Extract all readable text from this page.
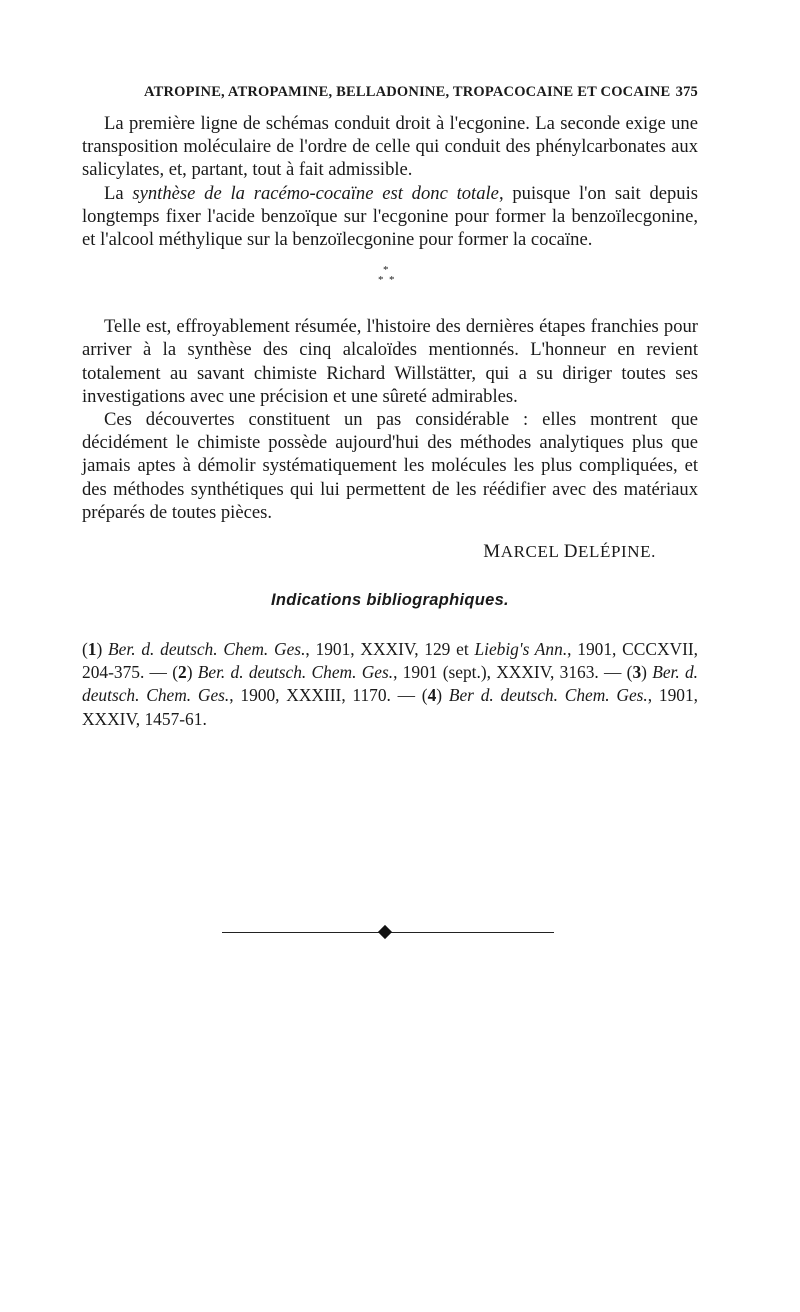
ATROPINE, ATROPAMINE, BELLADONINE, TROPACOCAINE ET COCAINE 375

La première ligne de schémas conduit droit à l'ecgonine. La seconde exige une transposition moléculaire de l'ordre de celle qui conduit des phénylcarbonates aux salicylates, et, partant, tout à fait admissible.

La synthèse de la racémo-cocaïne est donc totale, puisque l'on sait depuis longtemps fixer l'acide benzoïque sur l'ecgonine pour former la benzoïlecgonine, et l'alcool méthylique sur la benzoïlecgonine pour former la cocaïne.

*
* *

Telle est, effroyablement résumée, l'histoire des dernières étapes franchies pour arriver à la synthèse des cinq alcaloïdes mentionnés. L'honneur en revient totalement au savant chimiste Richard Willstätter, qui a su diriger toutes ses investigations avec une précision et une sûreté admirables.

Ces découvertes constituent un pas considérable : elles montrent que décidément le chimiste possède aujourd'hui des méthodes analytiques plus que jamais aptes à démolir systématiquement les molécules les plus compliquées, et des méthodes synthétiques qui lui permettent de les réédifier avec des matériaux préparés de toutes pièces.

MARCEL DELÉPINE.
Indications bibliographiques.
(1) Ber. d. deutsch. Chem. Ges., 1901, XXXIV, 129 et Liebig's Ann., 1901, CCCXVII, 204-375. — (2) Ber. d. deutsch. Chem. Ges., 1901 (sept.), XXXIV, 3163. — (3) Ber. d. deutsch. Chem. Ges., 1900, XXXIII, 1170. — (4) Ber d. deutsch. Chem. Ges., 1901, XXXIV, 1457-61.
